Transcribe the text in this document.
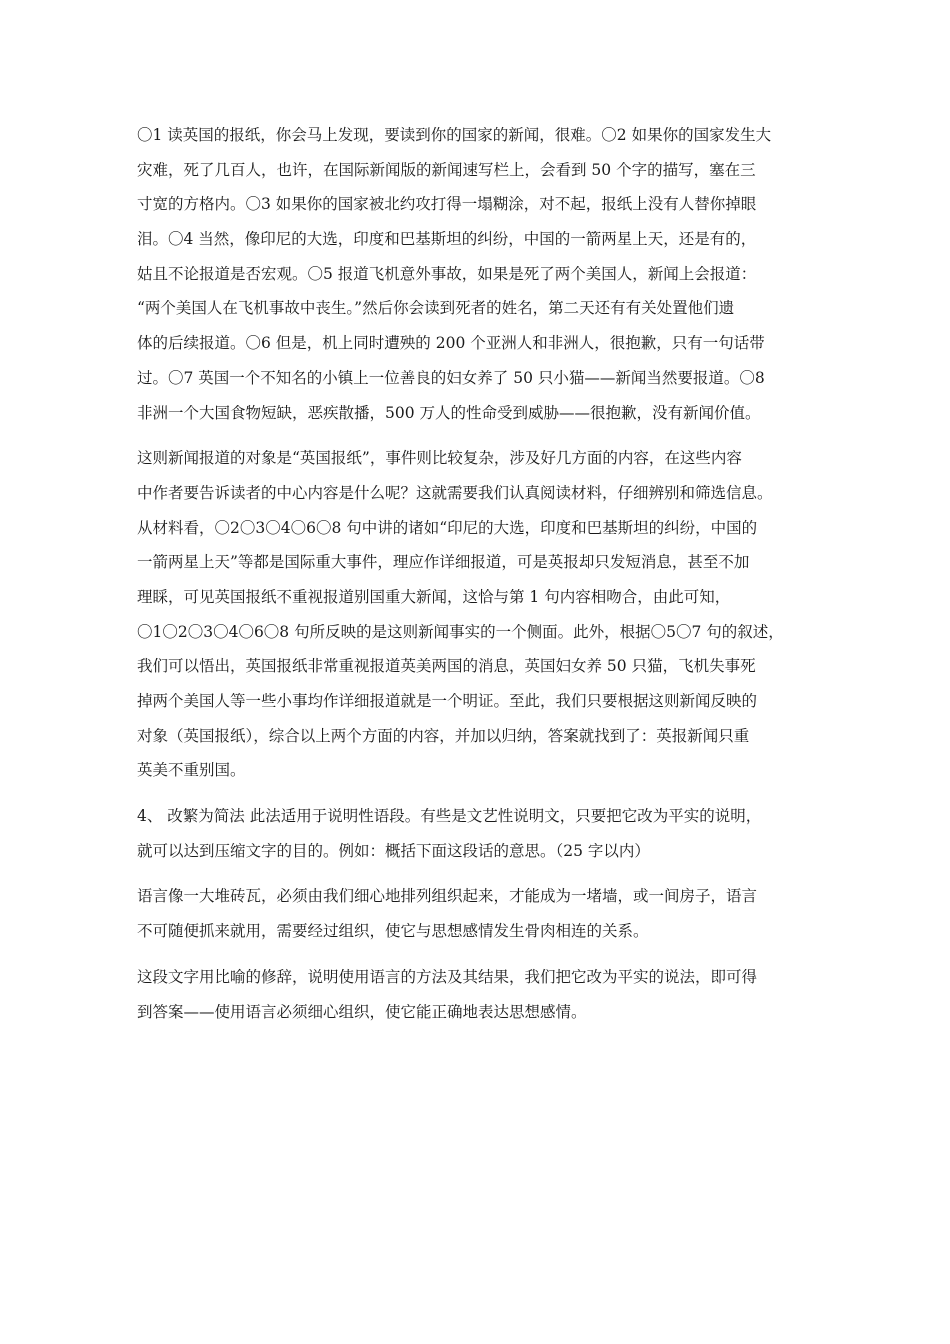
〇1 读英国的报纸，你会马上发现，要读到你的国家的新闻，很难。〇2 如果你的国家发生大
灾难，死了几百人，也许，在国际新闻版的新闻速写栏上，会看到 50 个字的描写，塞在三
寸宽的方格内。〇3 如果你的国家被北约攻打得一塌糊涂，对不起，报纸上没有人替你掉眼
泪。〇4 当然，像印尼的大选，印度和巴基斯坦的纠纷，中国的一箭两星上天，还是有的，
姑且不论报道是否宏观。〇5 报道飞机意外事故，如果是死了两个美国人，新闻上会报道：
“两个美国人在飞机事故中丧生。”然后你会读到死者的姓名，第二天还有有关处置他们遗
体的后续报道。〇6 但是，机上同时遭殃的 200 个亚洲人和非洲人，很抱歉，只有一句话带
过。〇7 英国一个不知名的小镇上一位善良的妇女养了 50 只小猫——新闻当然要报道。〇8
非洲一个大国食物短缺，恶疾散播，500 万人的性命受到威胁——很抱歉，没有新闻价值。
这则新闻报道的对象是“英国报纸”，事件则比较复杂，涉及好几方面的内容，在这些内容
中作者要告诉读者的中心内容是什么呢？这就需要我们认真阅读材料，仔细辨别和筛选信息。
从材料看，〇2〇3〇4〇6〇8 句中讲的诸如“印尼的大选，印度和巴基斯坦的纠纷，中国的
一箭两星上天”等都是国际重大事件，理应作详细报道，可是英报却只发短消息，甚至不加
理睬，可见英国报纸不重视报道别国重大新闻，这恰与第 1 句内容相吻合，由此可知，
〇1〇2〇3〇4〇6〇8 句所反映的是这则新闻事实的一个侧面。此外，根据〇5〇7 句的叙述，
我们可以悟出，英国报纸非常重视报道英美两国的消息，英国妇女养 50 只猫，飞机失事死
掉两个美国人等一些小事均作详细报道就是一个明证。至此，我们只要根据这则新闻反映的
对象（英国报纸），综合以上两个方面的内容，并加以归纳，答案就找到了：英报新闻只重
英美不重别国。
4、 改繁为简法 此法适用于说明性语段。有些是文艺性说明文，只要把它改为平实的说明，
就可以达到压缩文字的目的。例如：概括下面这段话的意思。（25 字以内）
语言像一大堆砖瓦，必须由我们细心地排列组织起来，才能成为一堵墙，或一间房子，语言
不可随便抓来就用，需要经过组织，使它与思想感情发生骨肉相连的关系。
这段文字用比喻的修辞，说明使用语言的方法及其结果，我们把它改为平实的说法，即可得
到答案——使用语言必须细心组织，使它能正确地表达思想感情。
